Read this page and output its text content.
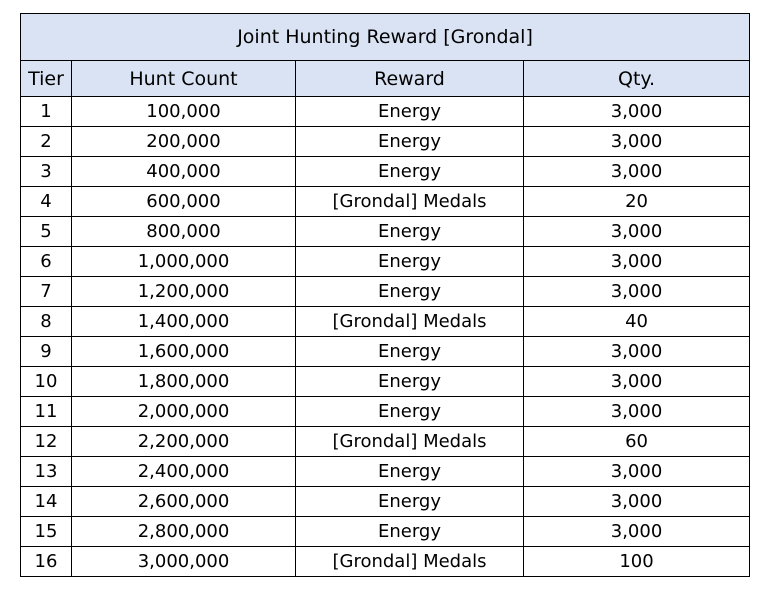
Joint Hunting Reward [Grondal]			
Tier	Hunt Count	Reward	Qty.
1	100,000	Energy	3,000
2	200,000	Energy	3,000
3	400,000	Energy	3,000
4	600,000	[Grondal] Medals	20
5	800,000	Energy	3,000
6	1,000,000	Energy	3,000
7	1,200,000	Energy	3,000
8	1,400,000	[Grondal] Medals	40
9	1,600,000	Energy	3,000
10	1,800,000	Energy	3,000
11	2,000,000	Energy	3,000
12	2,200,000	[Grondal] Medals	60
13	2,400,000	Energy	3,000
14	2,600,000	Energy	3,000
15	2,800,000	Energy	3,000
16	3,000,000	[Grondal] Medals	100
